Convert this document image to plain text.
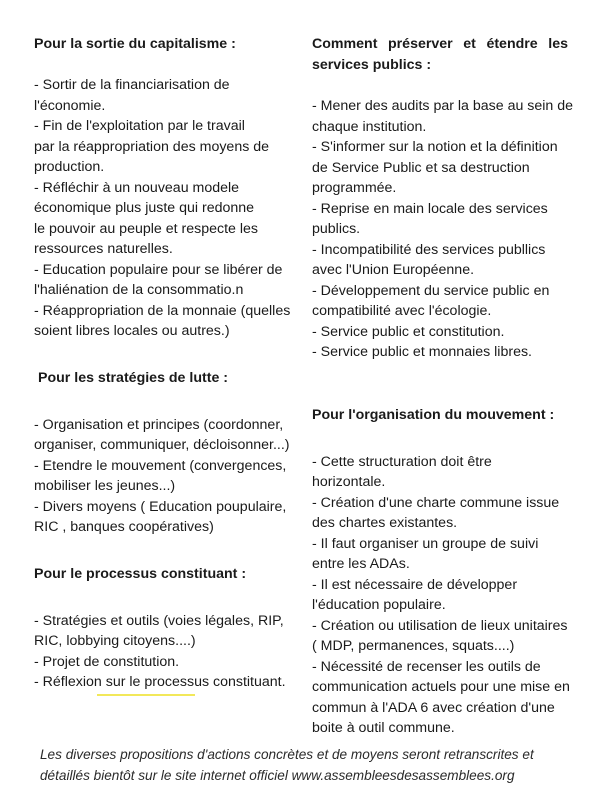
Pour la sortie du capitalisme :
- Sortir de la financiarisation de
l'économie.
- Fin de l'exploitation par le travail
par la réappropriation des moyens de
production.
- Réfléchir à un nouveau modele
économique plus juste qui redonne
le pouvoir au peuple et respecte les
ressources naturelles.
- Education populaire pour se libérer de
l'haliénation de la consommatio.n
- Réappropriation de la monnaie (quelles
soient libres locales ou autres.)
Pour les stratégies de lutte :
- Organisation et principes (coordonner,
organiser, communiquer, décloisonner...)
- Etendre le mouvement (convergences,
mobiliser les jeunes...)
- Divers moyens ( Education poupulaire,
RIC , banques coopératives)
Pour le processus constituant :
- Stratégies et outils (voies légales, RIP,
RIC, lobbying citoyens....)
- Projet de constitution.
- Réflexion sur le processus constituant.
Comment préserver et étendre les services publics :
- Mener des audits par la base au sein de
chaque institution.
- S'informer sur la notion et la définition
de Service Public et sa destruction
programmée.
- Reprise en main locale des services
publics.
- Incompatibilité des services publlics
avec l'Union Européenne.
- Développement du service public en
compatibilité avec l'écologie.
- Service public et constitution.
- Service public et monnaies libres.
Pour l'organisation du mouvement :
- Cette structuration doit être
horizontale.
- Création d'une charte commune issue
des chartes existantes.
- Il faut organiser un groupe de suivi
entre les ADAs.
- Il est nécessaire de développer
l'éducation populaire.
- Création ou utilisation de lieux unitaires
( MDP, permanences, squats....)
- Nécessité de recenser les outils de
communication actuels pour une mise en
commun à l'ADA 6 avec création d'une
boite à outil commune.
Les diverses propositions d'actions concrètes et de moyens seront retranscrites et
détaillés bientôt sur le site internet officiel www.assembleesdesassemblees.org
